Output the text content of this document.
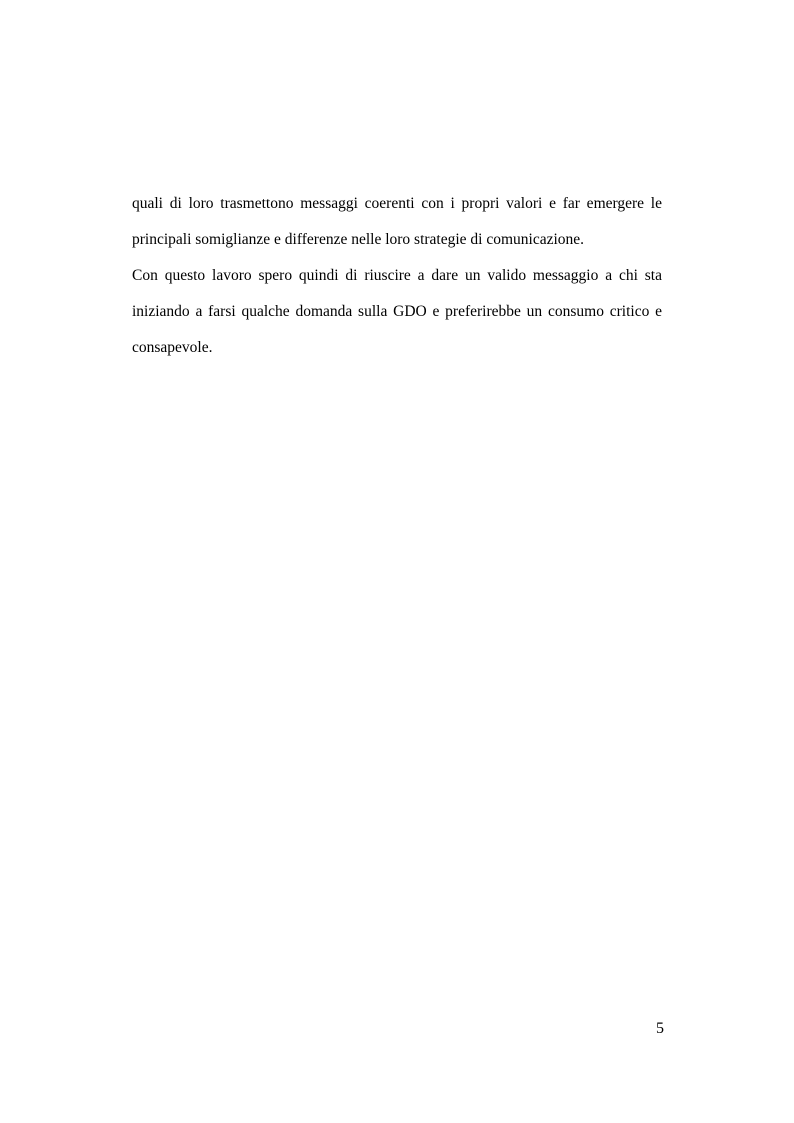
quali di loro trasmettono messaggi coerenti con i propri valori e far emergere le
principali somiglianze e differenze nelle loro strategie di comunicazione.
Con questo lavoro spero quindi di riuscire a dare un valido messaggio a chi sta
iniziando a farsi qualche domanda sulla GDO e preferirebbe un consumo critico e
consapevole.
5
